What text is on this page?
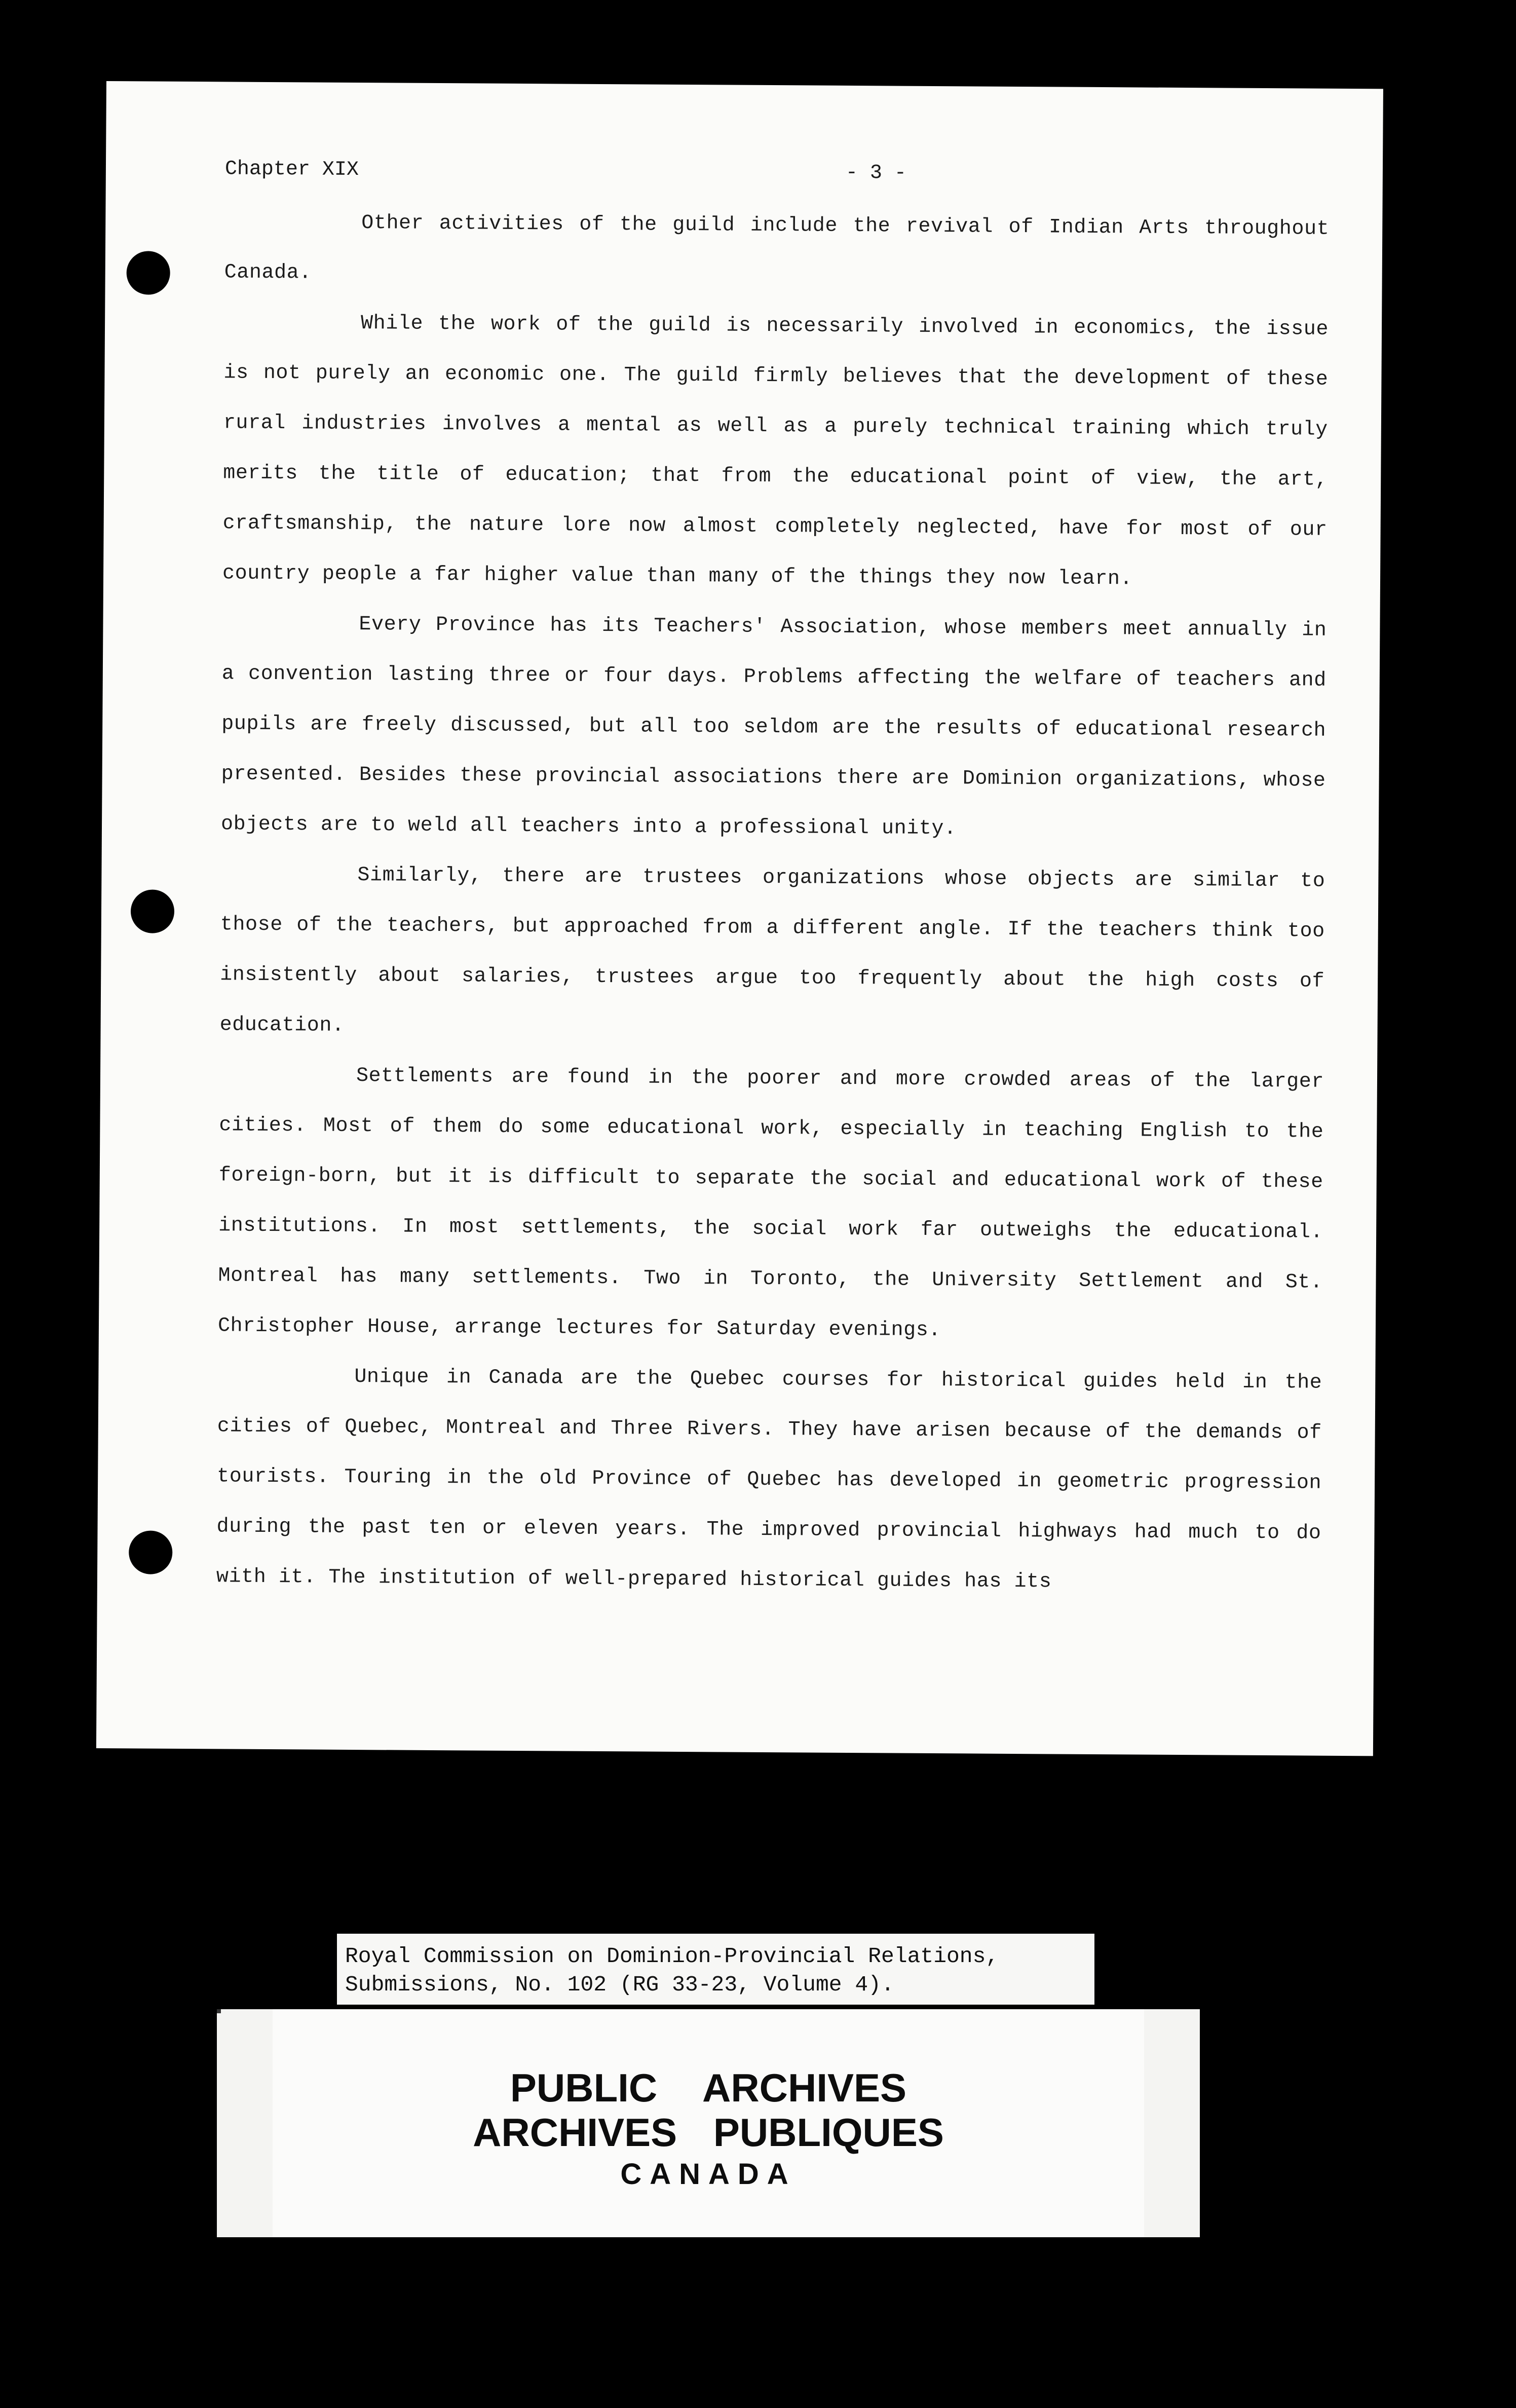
Chapter XIX	- 3 -

Other activities of the guild include the revival of Indian Arts throughout Canada.

While the work of the guild is necessarily involved in economics, the issue is not purely an economic one. The guild firmly believes that the development of these rural industries involves a mental as well as a purely technical training which truly merits the title of education; that from the educational point of view, the art, craftsmanship, the nature lore now almost completely neglected, have for most of our country people a far higher value than many of the things they now learn.

Every Province has its Teachers' Association, whose members meet annually in a convention lasting three or four days. Problems affecting the welfare of teachers and pupils are freely discussed, but all too seldom are the results of educational research presented. Besides these provincial associations there are Dominion organizations, whose objects are to weld all teachers into a professional unity.

Similarly, there are trustees organizations whose objects are similar to those of the teachers, but approached from a different angle. If the teachers think too insistently about salaries, trustees argue too frequently about the high costs of education.

Settlements are found in the poorer and more crowded areas of the larger cities. Most of them do some educational work, especially in teaching English to the foreign-born, but it is difficult to separate the social and educational work of these institutions. In most settlements, the social work far outweighs the educational. Montreal has many settlements. Two in Toronto, the University Settlement and St. Christopher House, arrange lectures for Saturday evenings.

Unique in Canada are the Quebec courses for historical guides held in the cities of Quebec, Montreal and Three Rivers. They have arisen because of the demands of tourists. Touring in the old Province of Quebec has developed in geometric progression during the past ten or eleven years. The improved provincial highways had much to do with it. The institution of well-prepared historical guides has its

Royal Commission on Dominion-Provincial Relations,
Submissions, No. 102 (RG 33-23, Volume 4).
PUBLIC ARCHIVES
ARCHIVES PUBLIQUES
CANADA
